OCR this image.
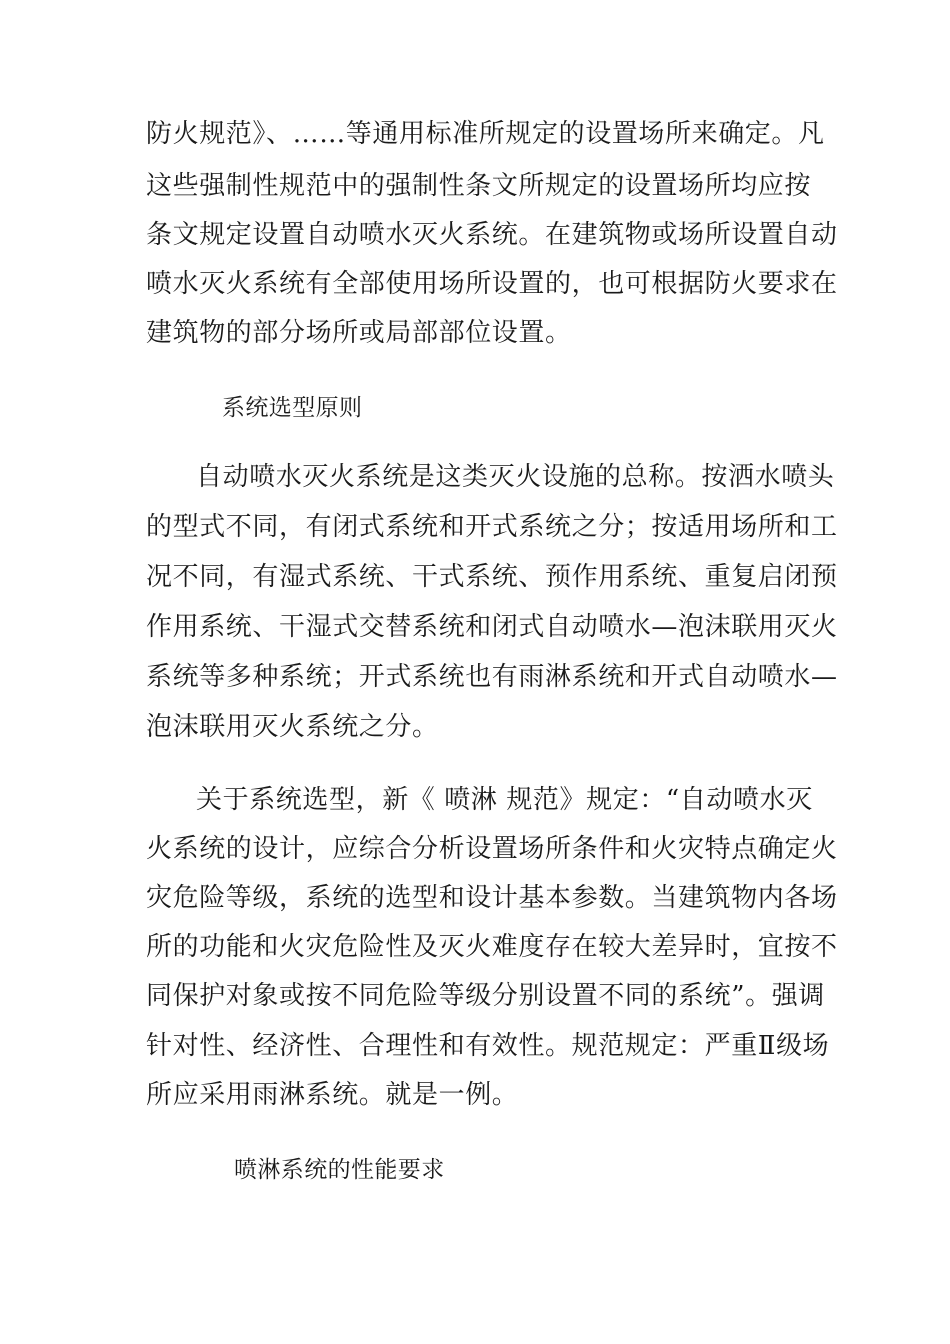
防火规范》、……等通用标准所规定的设置场所来确定。凡
这些强制性规范中的强制性条文所规定的设置场所均应按
条文规定设置自动喷水灭火系统。在建筑物或场所设置自动
喷水灭火系统有全部使用场所设置的，也可根据防火要求在
建筑物的部分场所或局部部位设置。
系统选型原则
自动喷水灭火系统是这类灭火设施的总称。按洒水喷头
的型式不同，有闭式系统和开式系统之分；按适用场所和工
况不同，有湿式系统、干式系统、预作用系统、重复启闭预
作用系统、干湿式交替系统和闭式自动喷水—泡沫联用灭火
系统等多种系统；开式系统也有雨淋系统和开式自动喷水—
泡沫联用灭火系统之分。
关于系统选型，新《 喷淋 规范》规定：“自动喷水灭
火系统的设计，应综合分析设置场所条件和火灾特点确定火
灾危险等级，系统的选型和设计基本参数。当建筑物内各场
所的功能和火灾危险性及灭火难度存在较大差异时，宜按不
同保护对象或按不同危险等级分别设置不同的系统”。强调
针对性、经济性、合理性和有效性。规范规定：严重Ⅱ级场
所应采用雨淋系统。就是一例。
喷淋系统的性能要求
